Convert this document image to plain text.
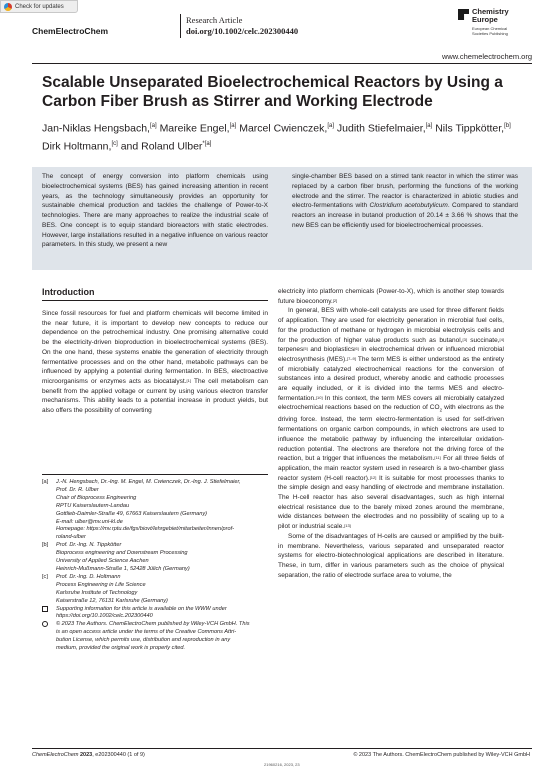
Check for updates
ChemElectroChem
Research Article
doi.org/10.1002/celc.202300440
Chemistry
Europe
European Chemical
Societies Publishing
www.chemelectrochem.org
Scalable Unseparated Bioelectrochemical Reactors by Using a Carbon Fiber Brush as Stirrer and Working Electrode
Jan-Niklas Hengsbach,[a] Mareike Engel,[a] Marcel Cwienczek,[a] Judith Stiefelmaier,[a] Nils Tippkötter,[b] Dirk Holtmann,[c] and Roland Ulber$^{*[a]}$
The concept of energy conversion into platform chemicals using bioelectrochemical systems (BES) has gained increasing attention in recent years, as the technology simultaneously provides an opportunity for sustainable chemical production and tackles the challenge of Power-to-X technologies. There are many approaches to realize the industrial scale of BES. One concept is to equip standard bioreactors with static electrodes. However, large installations resulted in a negative influence on various reactor parameters. In this study, we present a new
single-chamber BES based on a stirred tank reactor in which the stirrer was replaced by a carbon fiber brush, performing the functions of the working electrode and the stirrer. The reactor is characterized in abiotic studies and electro-fermentations with Clostridium acetobutylicum. Compared to standard reactors an increase in butanol production of 20.14 ± 3.66 % shows that the new BES can be efficiently used for bioelectrochemical processes.
Introduction
Since fossil resources for fuel and platform chemicals will become limited in the near future, it is important to develop new concepts to reduce our dependence on the petrochemical industry. One promising alternative could be the electricity-driven bioproduction in bioelectrochemical systems (BES). On the one hand, these systems enable the generation of electricity through fermentative processes and on the other hand, metabolic pathways can be influenced by applying a potential during fermentation. In BES, electroactive microorganisms or enzymes acts as biocatalyst.[1] The cell metabolism can benefit from the applied voltage or current by using various electron transfer mechanisms. This ability leads to a potential increase in product yields, but also offers the possibility of converting
electricity into platform chemicals (Power-to-X), which is another step towards future bioeconomy.[2]
In general, BES with whole-cell catalysts are used for three different fields of application. They are used for electricity generation in microbial fuel cells, for the production of methane or hydrogen in microbial electrolysis cells and for the production of higher value products such as butanol,[3] succinate,[4] terpenes[5] and bioplastics[6] in electrochemical driven or influenced microbial electrosynthesis (MES).[7–9] The term MES is either understood as the entirety of microbially catalyzed electrochemical reactions for the conversion of substances into a desired product, whereby anodic and cathodic processes are equally included, or it is divided into the terms MES and electro-fermentation.[10] In this context, the term MES covers all microbially catalyzed electrochemical reactions based on the reduction of $CO_2$ with electrons as the driving force. Instead, the term electro-fermentation is used for self-driven fermentations on organic carbon compounds, in which electrons are used to influence the metabolic pathway by influencing the intercellular oxidation-reduction potential. The electrons are therefore not the driving force of the reaction, but a trigger that influences the metabolism.[11] For all three fields of application, the main reactor system used in research is a two-chamber glass reactor system (H-cell reactor).[12] It is suitable for most processes thanks to the simple design and easy handling of electrode and membrane installation. The H-cell reactor has also several disadvantages, such as high internal electrical resistance due to the barely mixed zones around the membrane, wide distances between the electrodes and no possibility of scaling up to a pilot or industrial scale.[13]
Some of the disadvantages of H-cells are caused or amplified by the built-in membrane. Nevertheless, various separated and unseparated reactor systems for electro-biotechnological applications are described in literature. These, in turn, differ in various parameters such as the choice of physical separation, the ratio of electrode surface area to volume, the
[a]	J.-N. Hengsbach, Dr.-Ing. M. Engel, M. Cwienczek, Dr.-Ing. J. Stiefelmaier,
Prof. Dr. R. Ulber
Chair of Bioprocess Engineering
RPTU Kaiserslautern-Landau
Gottlieb-Daimler-Straße 49, 67663 Kaiserslautern (Germany)
E-mail: ulber@mv.uni-kl.de
Homepage: https://mv.rptu.de/fgs/biovt/lehrgebiet/mitarbeiter/innen/prof-
roland-ulber
[b]	Prof. Dr.-Ing. N. Tippkötter
Bioprocess engineering and Downstream Processing
University of Applied Science Aachen
Heinrich-Mußmann-Straße 1, 52428 Jülich (Germany)
[c]	Prof. Dr.-Ing. D. Holtmann
Process Engineering in Life Science
Karlsruhe Institute of Technology
Kaiserstraße 12, 76131 Karlsruhe (Germany)
Supporting information for this article is available on the WWW under
https://doi.org/10.1002/celc.202300440
© 2023 The Authors. ChemElectroChem published by Wiley-VCH GmbH. This
is an open access article under the terms of the Creative Commons Attri-
bution License, which permits use, distribution and reproduction in any
medium, provided the original work is properly cited.
ChemElectroChem 2023, e202300440 (1 of 9)	© 2023 The Authors. ChemElectroChem published by Wiley-VCH GmbH
21960216, 2023, 23
